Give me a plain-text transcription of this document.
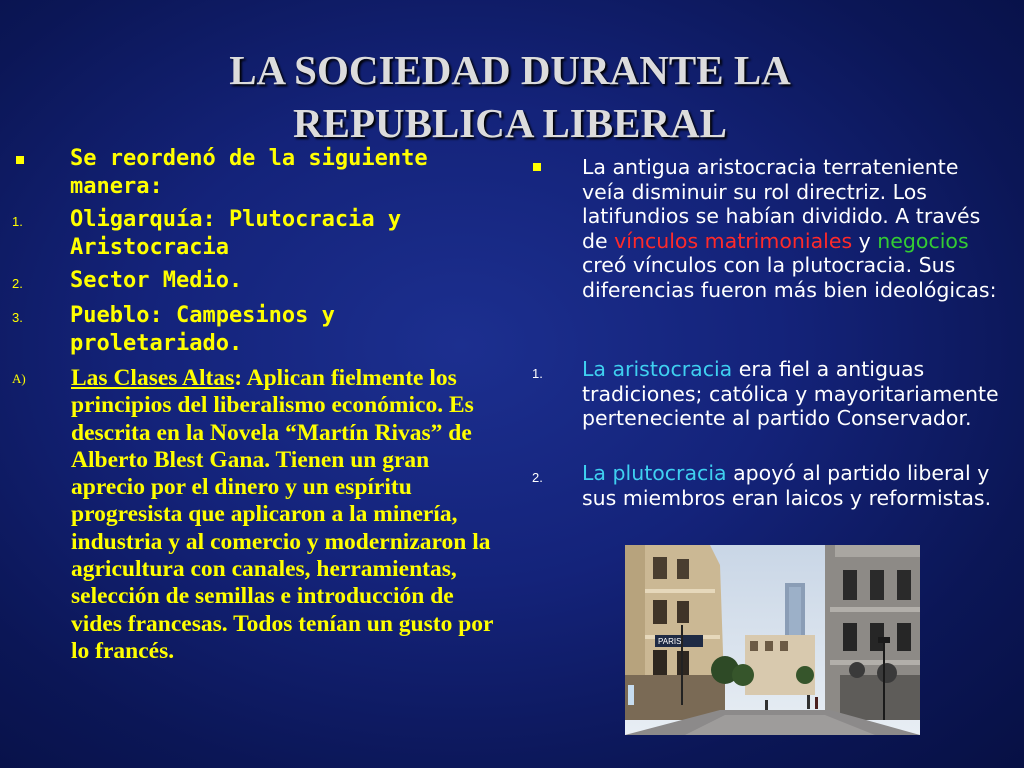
LA SOCIEDAD DURANTE LA
REPUBLICA LIBERAL
Se reordenó de la siguiente manera:
1. Oligarquía: Plutocracia y Aristocracia
2. Sector Medio.
3. Pueblo: Campesinos y proletariado.
A) Las Clases Altas: Aplican fielmente los principios del liberalismo económico. Es descrita en la Novela “Martín Rivas” de Alberto Blest Gana. Tienen un gran aprecio por el dinero y un espíritu progresista que aplicaron a la minería, industria y al comercio y modernizaron la agricultura con canales, herramientas, selección de semillas e introducción de vides francesas. Todos tenían un gusto por lo francés.
La antigua aristocracia terrateniente veía disminuir su rol directriz. Los latifundios se habían dividido. A través de vínculos matrimoniales y negocios creó vínculos con la plutocracia. Sus diferencias fueron más bien ideológicas:
1. La aristocracia era fiel a antiguas tradiciones; católica y mayoritariamente perteneciente al partido Conservador.
2. La plutocracia apoyó al partido liberal y sus miembros eran laicos y reformistas.
PARIS
